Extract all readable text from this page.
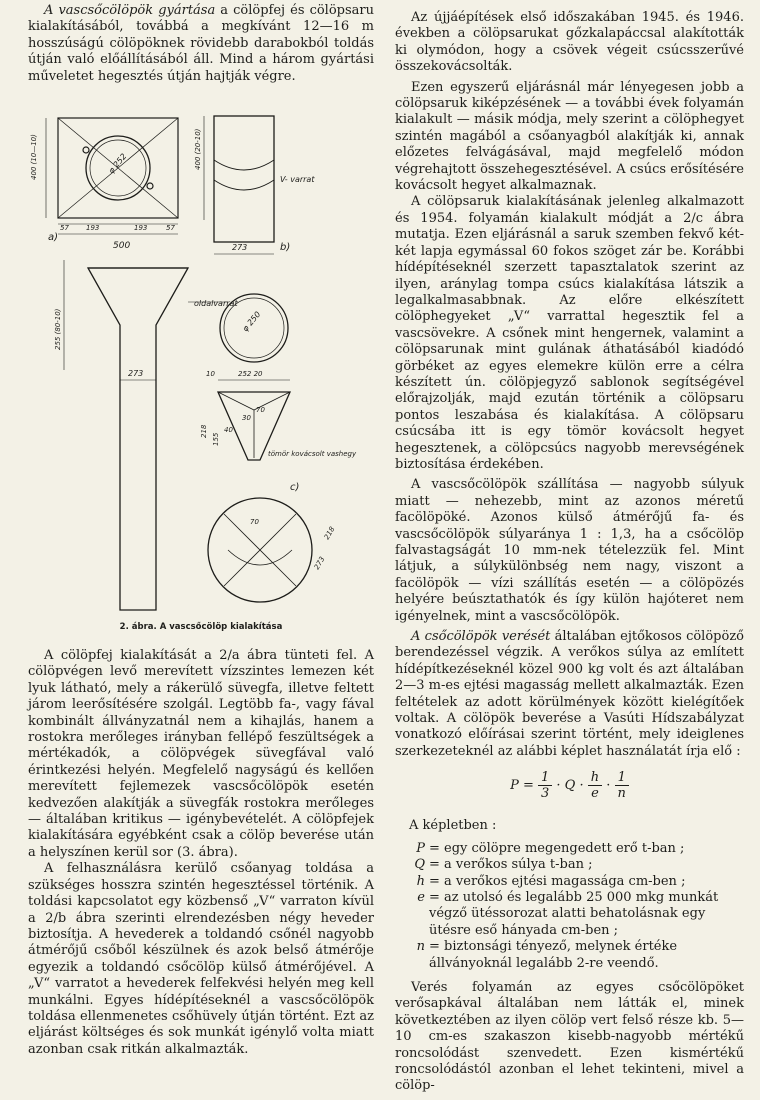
A vascsőcölöpök gyártása a cölöpfej és cölöpsaru kialakításából, továbbá a megkívánt 12—16 m hosszúságú cölöpöknek rövidebb darabokból toldás útján való előállításából áll. Mind a három gyártási műveletet hegesztés útján hajtják végre.

a)
500
57 193	193	57
400 (10—10)	φ 252
V- varrat
400 (20-10)
273	b)
oldalvarrat
255 (80-10)	φ 250
273	252 20
10
218
155
40
70
30
tömör kovácsolt vashegy
c)
70
218
273
2. ábra. A vascsőcölöp kialakítása

A cölöpfej kialakítását a 2/a ábra tünteti fel. A cölöpvégen levő merevített vízszintes lemezen két lyuk látható, mely a rákerülő süvegfa, illetve feltett járom leerősítésére szolgál. Legtöbb fa-, vagy fával kombinált állványzatnál nem a kihajlás, hanem a rostokra merőleges irányban fellépő feszültségek a mértékadók, a cölöpvégek süvegfával való érintkezési helyén. Megfelelő nagyságú és kellően merevített fejlemezek vascsőcölöpök esetén kedvezően alakítják a süvegfák rostokra merőleges — általában kritikus — igénybevételét. A cölöpfejek kialakítására egyébként csak a cölöp beverése után a helyszínen kerül sor (3. ábra).

A felhasználásra kerülő csőanyag toldása a szükséges hosszra szintén hegesztéssel történik. A toldási kapcsolatot egy közbenső „V“ varraton kívül a 2/b ábra szerinti elrendezésben négy heveder biztosítja. A hevederek a toldandó csőnél nagyobb átmérőjű csőből készülnek és azok belső átmérője egyezik a toldandó csőcölöp külső átmérőjével. A „V“ varratot a hevederek felfekvési helyén meg kell munkálni. Egyes hídépítéseknél a vascsőcölöpök toldása ellenmenetes csőhüvely útján történt. Ezt az eljárást költséges és sok munkát igénylő volta miatt azonban csak ritkán alkalmazták.

Az újjáépítések első időszakában 1945. és 1946. években a cölöpsarukat gőzkalapáccsal alakították ki olymódon, hogy a csövek végeit csúcsszerűvé összekovácsolták.

Ezen egyszerű eljárásnál már lényegesen jobb a cölöpsaruk kiképzésének — a további évek folyamán kialakult — másik módja, mely szerint a cölöphegyet szintén magából a csőanyagból alakítják ki, annak előzetes felvágásával, majd megfelelő módon végrehajtott összehegesztésével. A csúcs erősítésére kovácsolt hegyet alkalmaznak.

A cölöpsaruk kialakításának jelenleg alkalmazott és 1954. folyamán kialakult módját a 2/c ábra mutatja. Ezen eljárásnál a saruk szemben fekvő két-két lapja egymással 60 fokos szöget zár be. Korábbi hídépítéseknél szerzett tapasztalatok szerint az ilyen, aránylag tompa csúcs kialakítása látszik a legalkalmasabbnak. Az előre elkészített cölöphegyeket „V“ varrattal hegesztik fel a vascsövekre. A csőnek mint hengernek, valamint a cölöpsarunak mint gulának áthatásából kiadódó görbéket az egyes elemekre külön erre a célra készített ún. cölöpjegyző sablonok segítségével előrajzolják, majd ezután történik a cölöpsaru pontos leszabása és kialakítása. A cölöpsaru csúcsába itt is egy tömör kovácsolt hegyet hegesztenek, a cölöpcsúcs nagyobb merevségének biztosítása érdekében.

A vascsőcölöpök szállítása — nagyobb súlyuk miatt — nehezebb, mint az azonos méretű facölöpöké. Azonos külső átmérőjű fa- és vascsőcölöpök súlyaránya 1 : 1,3, ha a csőcölöp falvastagságát 10 mm-nek tételezzük fel. Mint látjuk, a súlykülönbség nem nagy, viszont a facölöpök — vízi szállítás esetén — a cölöpözés helyére beúsztathatók és így külön hajóteret nem igényelnek, mint a vascsőcölöpök.

A csőcölöpök verését általában ejtőkosos cölöpöző berendezéssel végzik. A verőkos súlya az említett hídépítkezéseknél közel 900 kg volt és azt általában 2—3 m-es ejtési magasság mellett alkalmazták. Ezen feltételek az adott körülmények között kielégítőek voltak. A cölöpök beverése a Vasúti Hídszabályzat vonatkozó előírásai szerint történt, mely ideiglenes szerkezeteknél az alábbi képlet használatát írja elő :

$P = \frac{1}{3} \cdot Q \cdot \frac{h}{e} \cdot \frac{1}{n}$

A képletben :

P = egy cölöpre megengedett erő t-ban ;
Q = a verőkos súlya t-ban ;
h = a verőkos ejtési magassága cm-ben ;
e = az utolsó és legalább 25 000 mkg munkát végző ütéssorozat alatti behatolásnak egy ütésre eső hányada cm-ben ;
n = biztonsági tényező, melynek értéke állványoknál legalább 2-re veendő.

Verés folyamán az egyes csőcölöpöket verősapkával általában nem látták el, minek következtében az ilyen cölöp vert felső része kb. 5—10 cm-es szakaszon kisebb-nagyobb mértékű roncsolódást szenvedett. Ezen kismértékű roncsolódástól azonban el lehet tekinteni, mivel a cölöp-
